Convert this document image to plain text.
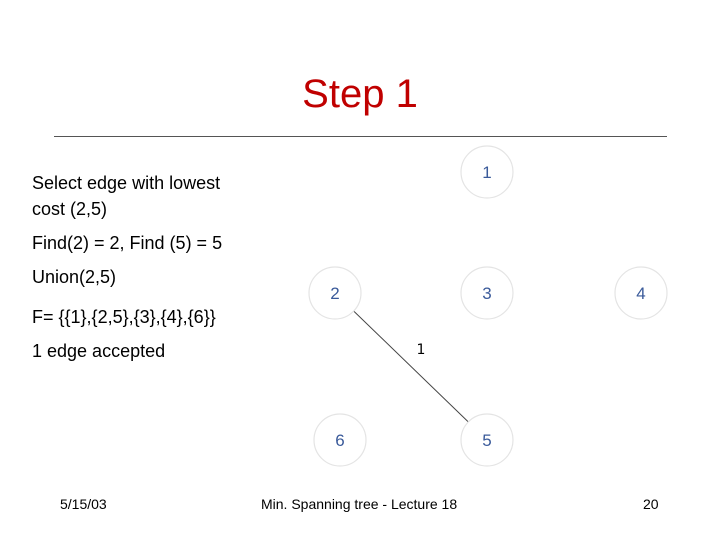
Step 1
Select edge with lowest
cost (2,5)
Find(2) = 2, Find (5) = 5
Union(2,5)
F= {{1},{2,5},{3},{4},{6}}
1 edge accepted	1
1
2	3	4
5
6
5/15/03	Min. Spanning tree - Lecture 18	20
